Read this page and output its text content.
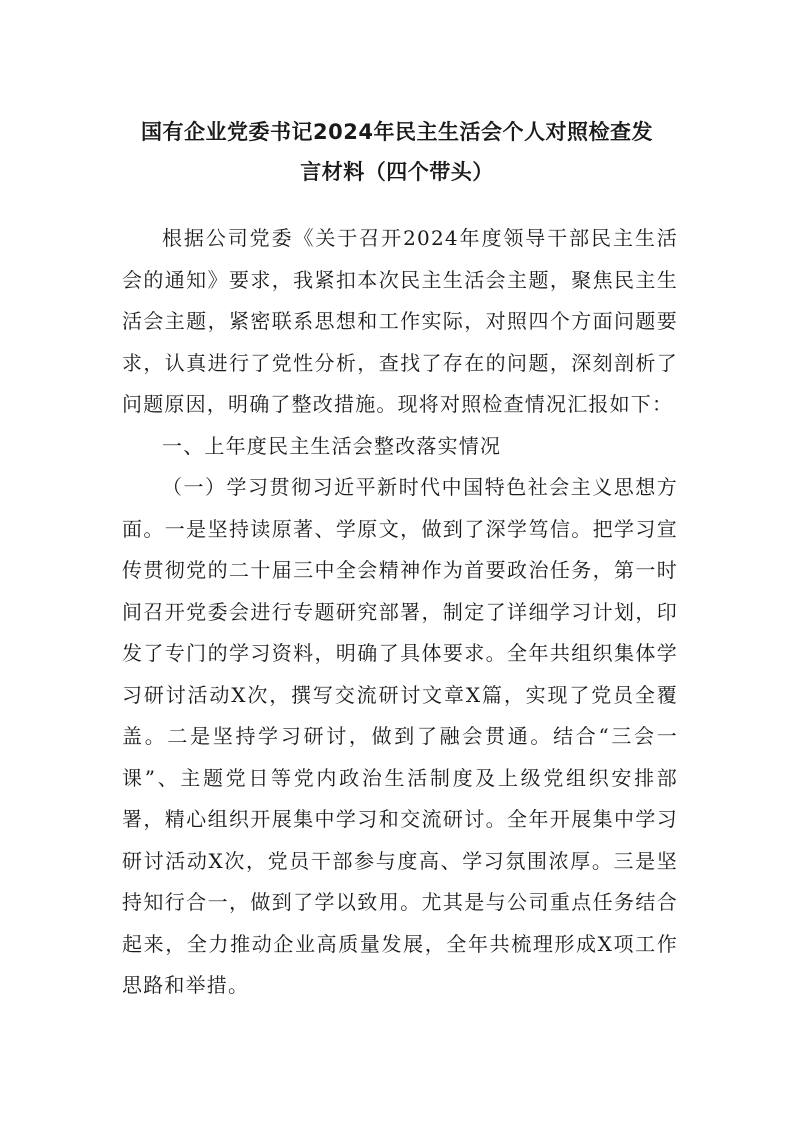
国有企业党委书记2024年民主生活会个人对照检查发言材料（四个带头）

根据公司党委《关于召开2024年度领导干部民主生活会的通知》要求，我紧扣本次民主生活会主题，聚焦民主生活会主题，紧密联系思想和工作实际，对照四个方面问题要求，认真进行了党性分析，查找了存在的问题，深刻剖析了问题原因，明确了整改措施。现将对照检查情况汇报如下：

一、上年度民主生活会整改落实情况

（一）学习贯彻习近平新时代中国特色社会主义思想方面。一是坚持读原著、学原文，做到了深学笃信。把学习宣传贯彻党的二十届三中全会精神作为首要政治任务，第一时间召开党委会进行专题研究部署，制定了详细学习计划，印发了专门的学习资料，明确了具体要求。全年共组织集体学习研讨活动X次，撰写交流研讨文章X篇，实现了党员全覆盖。二是坚持学习研讨，做到了融会贯通。结合“三会一课”、主题党日等党内政治生活制度及上级党组织安排部署，精心组织开展集中学习和交流研讨。全年开展集中学习研讨活动X次，党员干部参与度高、学习氛围浓厚。三是坚持知行合一，做到了学以致用。尤其是与公司重点任务结合起来，全力推动企业高质量发展，全年共梳理形成X项工作思路和举措。
